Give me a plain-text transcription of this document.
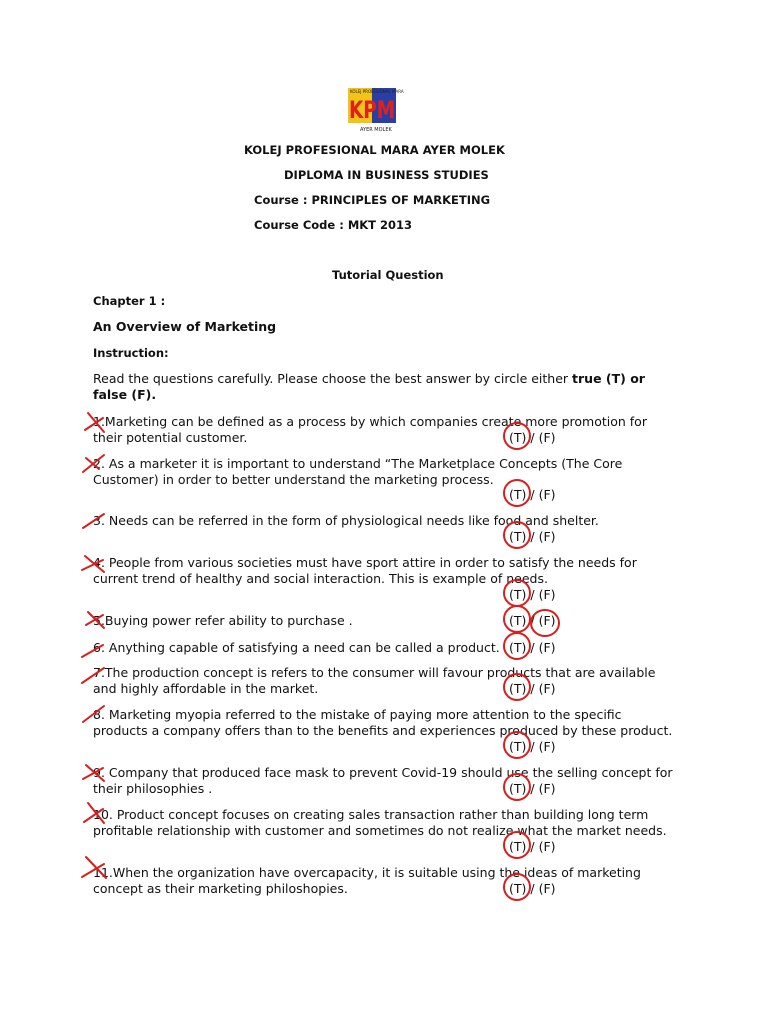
KOLEJ PROFESIONAL MARA
KPM
AYER MOLEK
KOLEJ PROFESIONAL MARA AYER MOLEK
DIPLOMA IN BUSINESS STUDIES
Course : PRINCIPLES OF MARKETING
Course Code : MKT 2013
Tutorial Question
Chapter 1 :
An Overview of Marketing
Instruction:
Read the questions carefully. Please choose the best answer by circle either true (T) or false (F).
1.Marketing can be defined as a process by which companies create more promotion for their potential customer.	(T) / (F)
2. As a marketer it is important to understand “The Marketplace Concepts (The Core Customer) in order to better understand the marketing process.
(T) / (F)
3. Needs can be referred in the form of physiological needs like food and shelter.
(T) / (F)
4. People from various societies must have sport attire in order to satisfy the needs for current trend of healthy and social interaction. This is example of needs.
(T) / (F)
5.Buying power refer ability to purchase .	(T) / (F)
6. Anything capable of satisfying a need can be called a product. (T) / (F)
7.The production concept is refers to the consumer will favour products that are available and highly affordable in the market.	(T) / (F)
8. Marketing myopia referred to the mistake of paying more attention to the specific products a company offers than to the benefits and experiences produced by these product.
(T) / (F)
9. Company that produced face mask to prevent Covid-19 should use the selling concept for their philosophies .	(T) / (F)
10. Product concept focuses on creating sales transaction rather than building long term profitable relationship with customer and sometimes do not realize what the market needs.
(T) / (F)
11.When the organization have overcapacity, it is suitable using the ideas of marketing concept as their marketing philoshopies.	(T) / (F)
